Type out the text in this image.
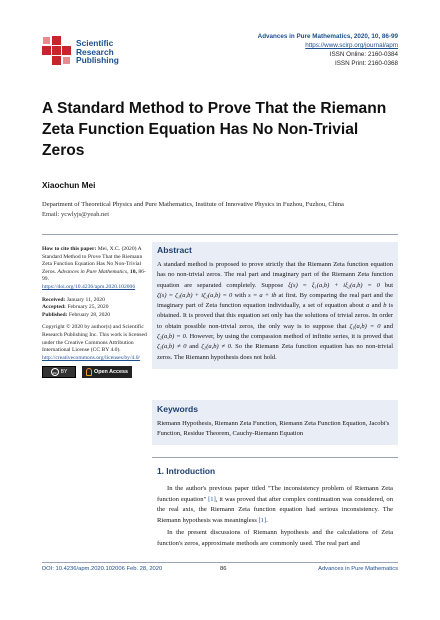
Scientific
Research
Publishing
Advances in Pure Mathematics, 2020, 10, 86-99
https://www.scirp.org/journal/apm
ISSN Online: 2160-0384
ISSN Print: 2160-0368
A Standard Method to Prove That the Riemann Zeta Function Equation Has No Non-Trivial Zeros
Xiaochun Mei
Department of Theoretical Physics and Pure Mathematics, Institute of Innovative Physics in Fuzhou, Fuzhou, China
Email: ycwlyjs@yeah.net
How to cite this paper: Mei, X.C. (2020) A Standard Method to Prove That the Riemann Zeta Function Equation Has No Non-Trivial Zeros. Advances in Pure Mathematics, 10, 86-99.
https://doi.org/10.4236/apm.2020.102006
Received: January 11, 2020
Accepted: February 25, 2020
Published: February 28, 2020
Copyright © 2020 by author(s) and Scientific Research Publishing Inc. This work is licensed under the Creative Commons Attribution International License (CC BY 4.0).
http://creativecommons.org/licenses/by/4.0/
cc BY	Open Access
Abstract
A standard method is proposed to prove strictly that the Riemann Zeta function equation has no non-trivial zeros. The real part and imaginary part of the Riemann Zeta function equation are separated completely. Suppose ξ(s) = ξ₁(a,b) + iξ₂(a,b) = 0 but ζ(s) = ζ₁(a,b) + iζ₂(a,b) = 0 with s = a + ib at first. By comparing the real part and the imaginary part of Zeta function equation individually, a set of equation about a and b is obtained. It is proved that this equation set only has the solutions of trivial zeros. In order to obtain possible non-trivial zeros, the only way is to suppose that ζ₁(a,b) = 0 and ζ₂(a,b) = 0. However, by using the compassion method of infinite series, it is proved that ζ₁(a,b) ≠ 0 and ζ₂(a,b) ≠ 0. So the Riemann Zeta function equation has no non-trivial zeros. The Riemann hypothesis does not hold.
Keywords
Riemann Hypothesis, Riemann Zeta Function, Riemann Zeta Function Equation, Jacobi's Function, Residue Theorem, Cauchy-Riemann Equation
1. Introduction

In the author's previous paper titled "The inconsistency problem of Riemann Zeta function equation" [1], it was proved that after complex continuation was considered, on the real axis, the Riemann Zeta function equation had serious inconsistency. The Riemann hypothesis was meaningless [1].

In the present discussions of Riemann hypothesis and the calculations of Zeta function's zeros, approximate methods are commonly used. The real part and

DOI: 10.4236/apm.2020.102006 Feb. 28, 2020	86	Advances in Pure Mathematics
